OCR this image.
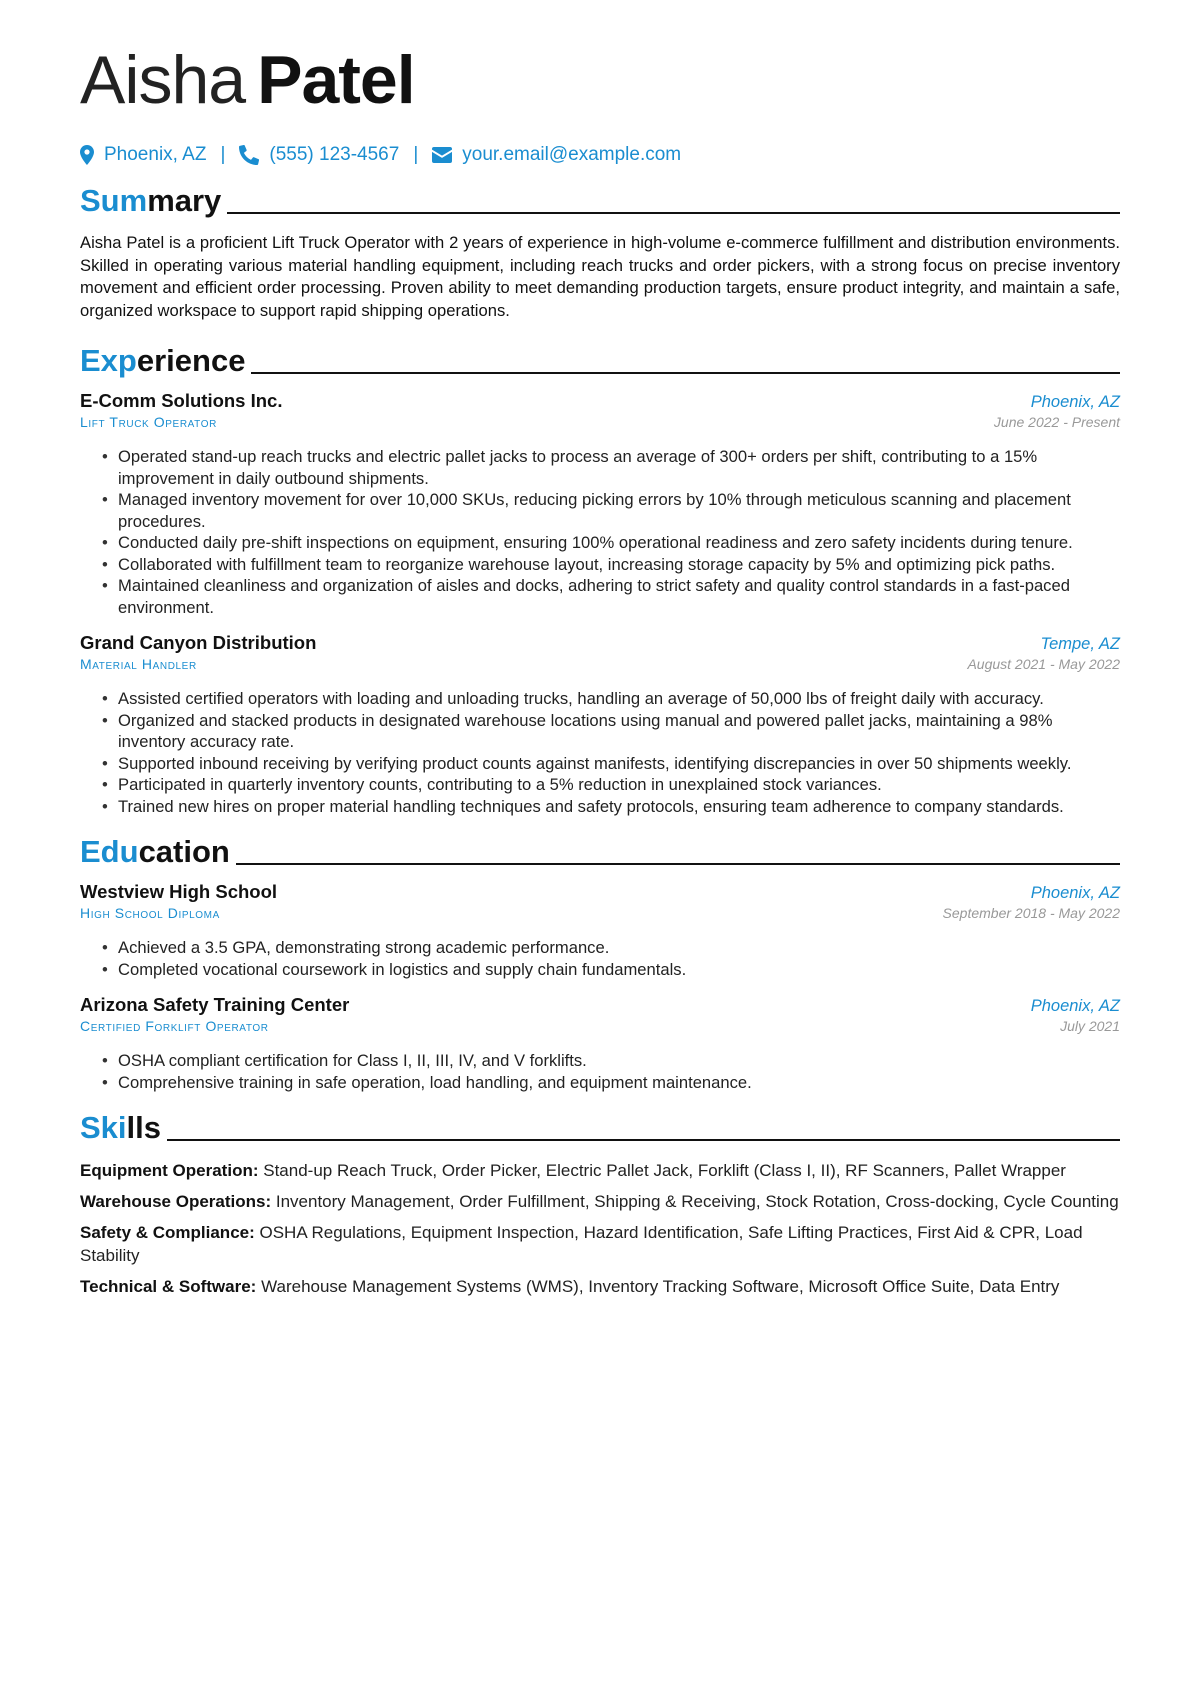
Aisha Patel
Phoenix, AZ | (555) 123-4567 | your.email@example.com
Summary

Aisha Patel is a proficient Lift Truck Operator with 2 years of experience in high-volume e-commerce fulfillment and distribution environments. Skilled in operating various material handling equipment, including reach trucks and order pickers, with a strong focus on precise inventory movement and efficient order processing. Proven ability to meet demanding production targets, ensure product integrity, and maintain a safe, organized workspace to support rapid shipping operations.

Experience
E-Comm Solutions Inc.	Phoenix, AZ
Lift Truck Operator	June 2022 - Present
• Operated stand-up reach trucks and electric pallet jacks to process an average of 300+ orders per shift, contributing to a 15% improvement in daily outbound shipments.
• Managed inventory movement for over 10,000 SKUs, reducing picking errors by 10% through meticulous scanning and placement procedures.
• Conducted daily pre-shift inspections on equipment, ensuring 100% operational readiness and zero safety incidents during tenure.
• Collaborated with fulfillment team to reorganize warehouse layout, increasing storage capacity by 5% and optimizing pick paths.
• Maintained cleanliness and organization of aisles and docks, adhering to strict safety and quality control standards in a fast-paced environment.
Grand Canyon Distribution	Tempe, AZ
Material Handler	August 2021 - May 2022
• Assisted certified operators with loading and unloading trucks, handling an average of 50,000 lbs of freight daily with accuracy.
• Organized and stacked products in designated warehouse locations using manual and powered pallet jacks, maintaining a 98% inventory accuracy rate.
• Supported inbound receiving by verifying product counts against manifests, identifying discrepancies in over 50 shipments weekly.
• Participated in quarterly inventory counts, contributing to a 5% reduction in unexplained stock variances.
• Trained new hires on proper material handling techniques and safety protocols, ensuring team adherence to company standards.
Education
Westview High School	Phoenix, AZ
High School Diploma	September 2018 - May 2022
• Achieved a 3.5 GPA, demonstrating strong academic performance.
• Completed vocational coursework in logistics and supply chain fundamentals.
Arizona Safety Training Center	Phoenix, AZ
Certified Forklift Operator	July 2021
• OSHA compliant certification for Class I, II, III, IV, and V forklifts.
• Comprehensive training in safe operation, load handling, and equipment maintenance.
Skills

Equipment Operation: Stand-up Reach Truck, Order Picker, Electric Pallet Jack, Forklift (Class I, II), RF Scanners, Pallet Wrapper

Warehouse Operations: Inventory Management, Order Fulfillment, Shipping & Receiving, Stock Rotation, Cross-docking, Cycle Counting

Safety & Compliance: OSHA Regulations, Equipment Inspection, Hazard Identification, Safe Lifting Practices, First Aid & CPR, Load Stability

Technical & Software: Warehouse Management Systems (WMS), Inventory Tracking Software, Microsoft Office Suite, Data Entry
